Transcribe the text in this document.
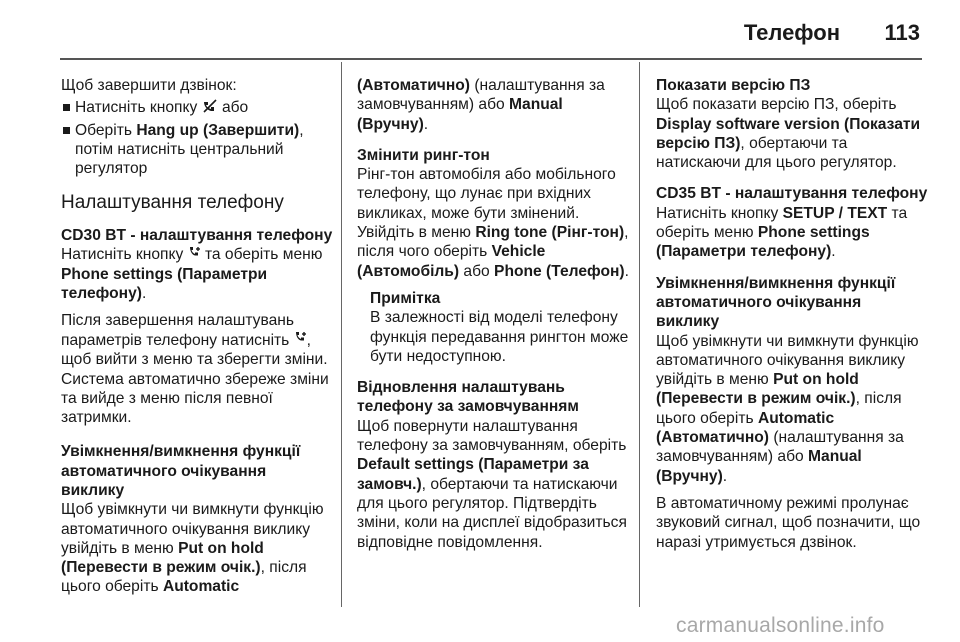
Телефон 113

Щоб завершити дзвінок:

Натисніть кнопку або
Оберіть Hang up (Завершити), потім натисніть центральний регулятор
Налаштування телефону

CD30 BT - налаштування телефону

Натисніть кнопку та оберіть меню Phone settings (Параметри телефону).

Після завершення налаштувань параметрів телефону натисніть , щоб вийти з меню та зберегти зміни. Система автоматично збереже зміни та вийде з меню після певної затримки.

Увімкнення/вимкнення функції автоматичного очікування виклику

Щоб увімкнути чи вимкнути функцію автоматичного очікування виклику увійдіть в меню Put on hold (Перевести в режим очік.), після цього оберіть Automatic

(Автоматично) (налаштування за замовчуванням) або Manual (Вручну).

Змінити ринг-тон

Рінг-тон автомобіля або мобільного телефону, що лунає при вхідних викликах, може бути змінений. Увійдіть в меню Ring tone (Рінг-тон), після чого оберіть Vehicle (Автомобіль) або Phone (Телефон).

Примітка
В залежності від моделі телефону функція передавання рингтон може бути недоступною.

Відновлення налаштувань телефону за замовчуванням

Щоб повернути налаштування телефону за замовчуванням, оберіть Default settings (Параметри за замовч.), обертаючи та натискаючи для цього регулятор. Підтвердіть зміни, коли на дисплеї відобразиться відповідне повідомлення.

Показати версію ПЗ

Щоб показати версію ПЗ, оберіть Display software version (Показати версію ПЗ), обертаючи та натискаючи для цього регулятор.

CD35 BT - налаштування телефону

Натисніть кнопку SETUP / TEXT та оберіть меню Phone settings (Параметри телефону).

Увімкнення/вимкнення функції автоматичного очікування виклику

Щоб увімкнути чи вимкнути функцію автоматичного очікування виклику увійдіть в меню Put on hold (Перевести в режим очік.), після цього оберіть Automatic (Автоматично) (налаштування за замовчуванням) або Manual (Вручну).

В автоматичному режимі пролунає звуковий сигнал, щоб позначити, що наразі утримується дзвінок.

carmanualsonline.info
